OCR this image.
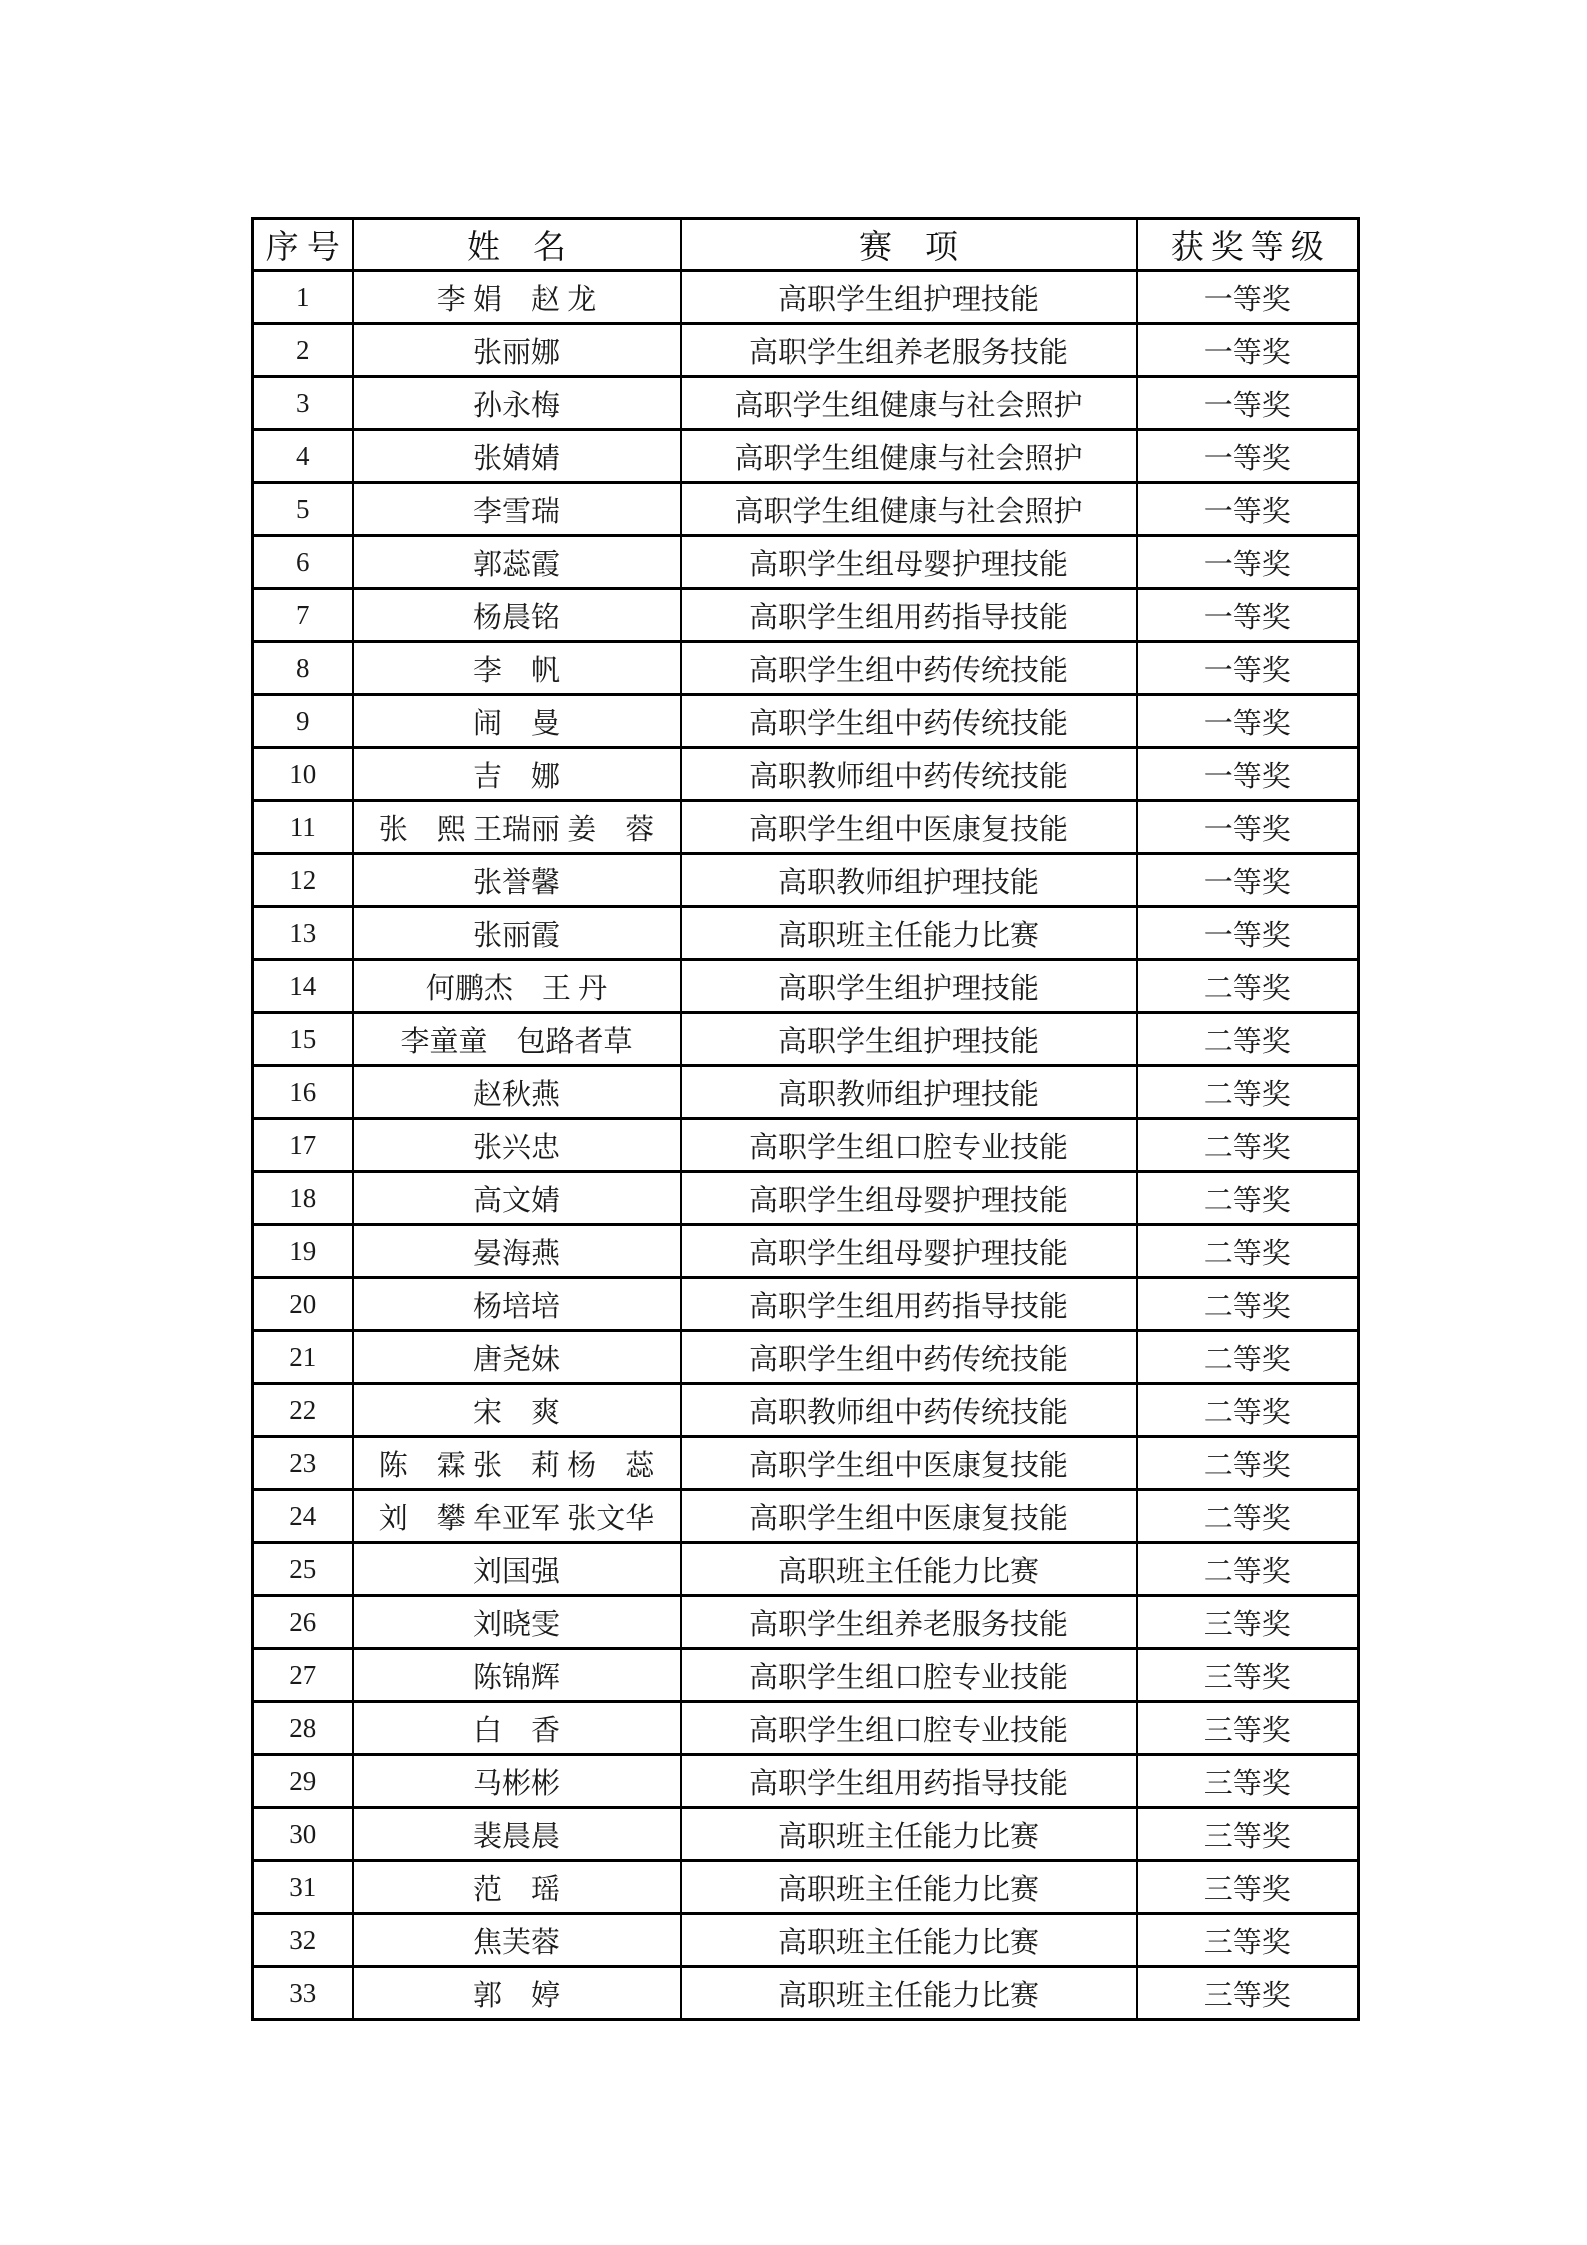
序 号	姓　名	赛　项	获奖等级
1	李 娟　赵 龙	高职学生组护理技能	一等奖
2	张丽娜	高职学生组养老服务技能	一等奖
3	孙永梅	高职学生组健康与社会照护	一等奖
4	张婧婧	高职学生组健康与社会照护	一等奖
5	李雪瑞	高职学生组健康与社会照护	一等奖
6	郭蕊霞	高职学生组母婴护理技能	一等奖
7	杨晨铭	高职学生组用药指导技能	一等奖
8	李　帆	高职学生组中药传统技能	一等奖
9	闹　曼	高职学生组中药传统技能	一等奖
10	吉　娜	高职教师组中药传统技能	一等奖
11	张　熙 王瑞丽 姜　蓉	高职学生组中医康复技能	一等奖
12	张誉馨	高职教师组护理技能	一等奖
13	张丽霞	高职班主任能力比赛	一等奖
14	何鹏杰　王 丹	高职学生组护理技能	二等奖
15	李童童　包路者草	高职学生组护理技能	二等奖
16	赵秋燕	高职教师组护理技能	二等奖
17	张兴忠	高职学生组口腔专业技能	二等奖
18	高文婧	高职学生组母婴护理技能	二等奖
19	晏海燕	高职学生组母婴护理技能	二等奖
20	杨培培	高职学生组用药指导技能	二等奖
21	唐尧妹	高职学生组中药传统技能	二等奖
22	宋　爽	高职教师组中药传统技能	二等奖
23	陈　霖 张　莉 杨　蕊	高职学生组中医康复技能	二等奖
24	刘　攀 牟亚军 张文华	高职学生组中医康复技能	二等奖
25	刘国强	高职班主任能力比赛	二等奖
26	刘晓雯	高职学生组养老服务技能	三等奖
27	陈锦辉	高职学生组口腔专业技能	三等奖
28	白　香	高职学生组口腔专业技能	三等奖
29	马彬彬	高职学生组用药指导技能	三等奖
30	裴晨晨	高职班主任能力比赛	三等奖
31	范　瑶	高职班主任能力比赛	三等奖
32	焦芙蓉	高职班主任能力比赛	三等奖
33	郭　婷	高职班主任能力比赛	三等奖
